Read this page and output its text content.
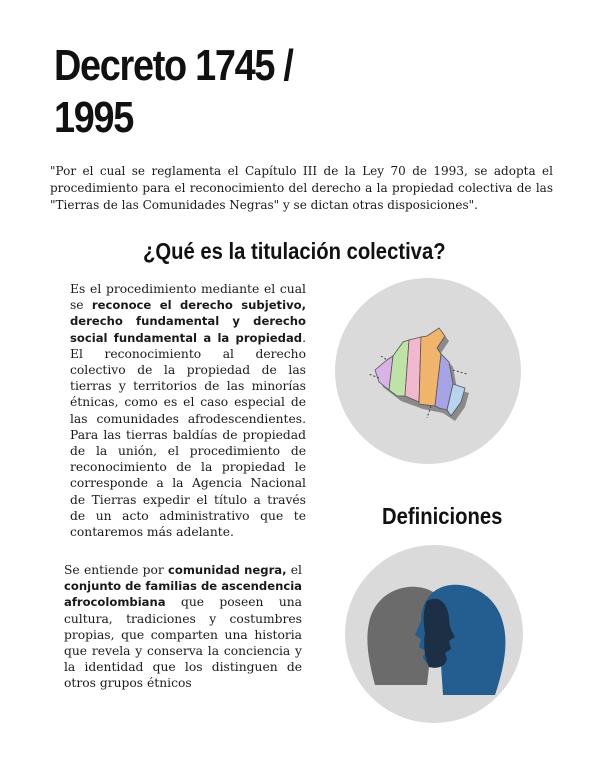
Decreto 1745 /
1995

"Por el cual se reglamenta el Capítulo III de la Ley 70 de 1993, se adopta el procedimiento para el reconocimiento del derecho a la propiedad colectiva de las "Tierras de las Comunidades Negras" y se dictan otras disposiciones".

¿Qué es la titulación colectiva?

Es el procedimiento mediante el cual se reconoce el derecho subjetivo, derecho fundamental y derecho social fundamental a la propiedad. El reconocimiento al derecho colectivo de la propiedad de las tierras y territorios de las minorías étnicas, como es el caso especial de las comunidades afrodescendientes. Para las tierras baldías de propiedad de la unión, el procedimiento de reconocimiento de la propiedad le corresponde a la Agencia Nacional de Tierras expedir el título a través de un acto administrativo que te contaremos más adelante.

Definiciones

Se entiende por comunidad negra, el conjunto de familias de ascendencia afrocolombiana que poseen una cultura, tradiciones y costumbres propias, que comparten una historia que revela y conserva la conciencia y la identidad que los distinguen de otros grupos étnicos
